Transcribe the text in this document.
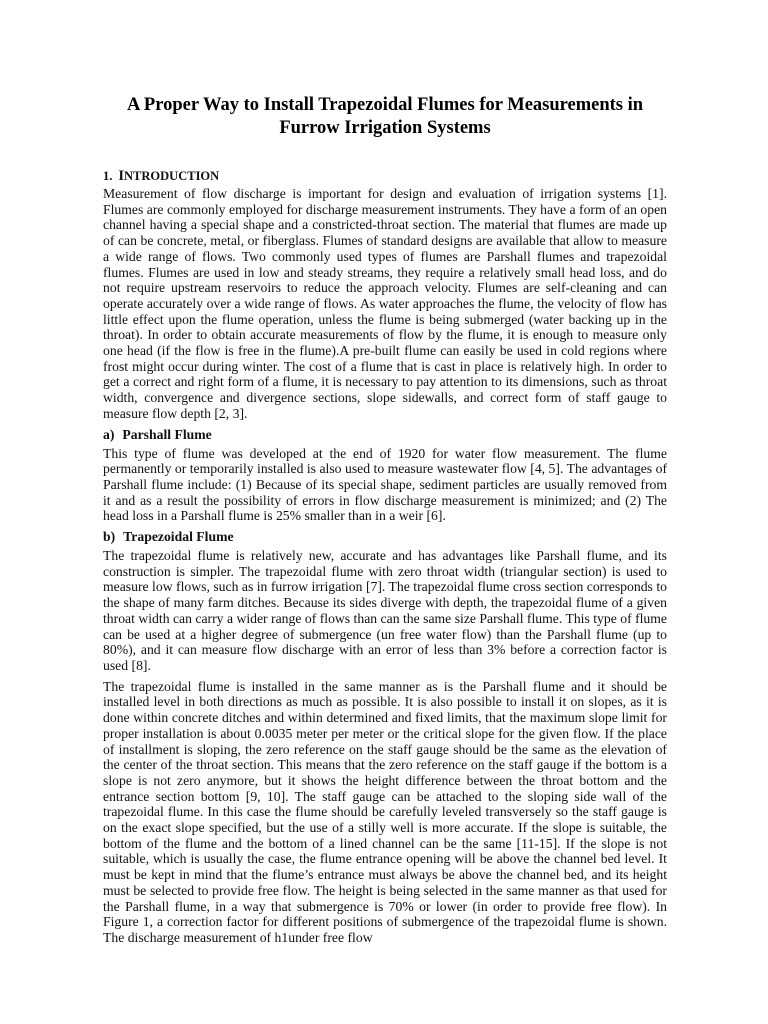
A Proper Way to Install Trapezoidal Flumes for Measurements in Furrow Irrigation Systems
1. INTRODUCTION

Measurement of flow discharge is important for design and evaluation of irrigation systems [1]. Flumes are commonly employed for discharge measurement instruments. They have a form of an open channel having a special shape and a constricted-throat section. The material that flumes are made up of can be concrete, metal, or fiberglass. Flumes of standard designs are available that allow to measure a wide range of flows. Two commonly used types of flumes are Parshall flumes and trapezoidal flumes. Flumes are used in low and steady streams, they require a relatively small head loss, and do not require upstream reservoirs to reduce the approach velocity. Flumes are self-cleaning and can operate accurately over a wide range of flows. As water approaches the flume, the velocity of flow has little effect upon the flume operation, unless the flume is being submerged (water backing up in the throat). In order to obtain accurate measurements of flow by the flume, it is enough to measure only one head (if the flow is free in the flume).A pre-built flume can easily be used in cold regions where frost might occur during winter. The cost of a flume that is cast in place is relatively high. In order to get a correct and right form of a flume, it is necessary to pay attention to its dimensions, such as throat width, convergence and divergence sections, slope sidewalls, and correct form of staff gauge to measure flow depth [2, 3].

a) Parshall Flume

This type of flume was developed at the end of 1920 for water flow measurement. The flume permanently or temporarily installed is also used to measure wastewater flow [4, 5]. The advantages of Parshall flume include: (1) Because of its special shape, sediment particles are usually removed from it and as a result the possibility of errors in flow discharge measurement is minimized; and (2) The head loss in a Parshall flume is 25% smaller than in a weir [6].

b) Trapezoidal Flume

The trapezoidal flume is relatively new, accurate and has advantages like Parshall flume, and its construction is simpler. The trapezoidal flume with zero throat width (triangular section) is used to measure low flows, such as in furrow irrigation [7]. The trapezoidal flume cross section corresponds to the shape of many farm ditches. Because its sides diverge with depth, the trapezoidal flume of a given throat width can carry a wider range of flows than can the same size Parshall flume. This type of flume can be used at a higher degree of submergence (un free water flow) than the Parshall flume (up to 80%), and it can measure flow discharge with an error of less than 3% before a correction factor is used [8].

The trapezoidal flume is installed in the same manner as is the Parshall flume and it should be installed level in both directions as much as possible. It is also possible to install it on slopes, as it is done within concrete ditches and within determined and fixed limits, that the maximum slope limit for proper installation is about 0.0035 meter per meter or the critical slope for the given flow. If the place of installment is sloping, the zero reference on the staff gauge should be the same as the elevation of the center of the throat section. This means that the zero reference on the staff gauge if the bottom is a slope is not zero anymore, but it shows the height difference between the throat bottom and the entrance section bottom [9, 10]. The staff gauge can be attached to the sloping side wall of the trapezoidal flume. In this case the flume should be carefully leveled transversely so the staff gauge is on the exact slope specified, but the use of a stilly well is more accurate. If the slope is suitable, the bottom of the flume and the bottom of a lined channel can be the same [11-15]. If the slope is not suitable, which is usually the case, the flume entrance opening will be above the channel bed level. It must be kept in mind that the flume’s entrance must always be above the channel bed, and its height must be selected to provide free flow. The height is being selected in the same manner as that used for the Parshall flume, in a way that submergence is 70% or lower (in order to provide free flow). In Figure 1, a correction factor for different positions of submergence of the trapezoidal flume is shown. The discharge measurement of h1under free flow
